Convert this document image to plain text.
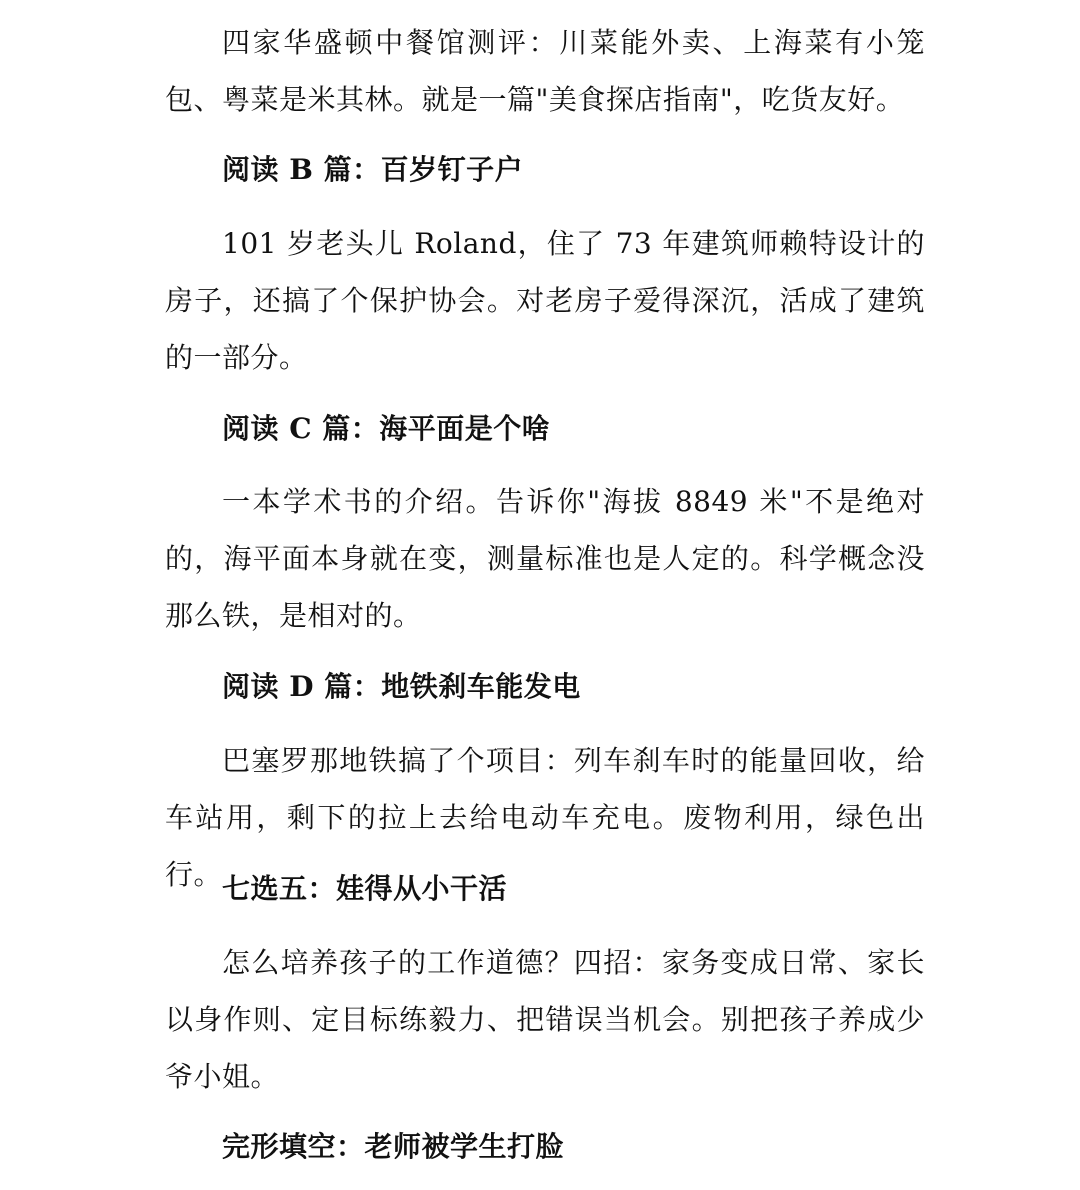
四家华盛顿中餐馆测评：川菜能外卖、上海菜有小笼包、粤菜是米其林。就是一篇"美食探店指南"，吃货友好。

阅读 B 篇：百岁钉子户

101 岁老头儿 Roland，住了 73 年建筑师赖特设计的房子，还搞了个保护协会。对老房子爱得深沉，活成了建筑的一部分。

阅读 C 篇：海平面是个啥

一本学术书的介绍。告诉你"海拔 8849 米"不是绝对的，海平面本身就在变，测量标准也是人定的。科学概念没那么铁，是相对的。

阅读 D 篇：地铁刹车能发电

巴塞罗那地铁搞了个项目：列车刹车时的能量回收，给车站用，剩下的拉上去给电动车充电。废物利用，绿色出行。 七选五：娃得从小干活

怎么培养孩子的工作道德？四招：家务变成日常、家长以身作则、定目标练毅力、把错误当机会。别把孩子养成少爷小姐。

完形填空：老师被学生打脸
